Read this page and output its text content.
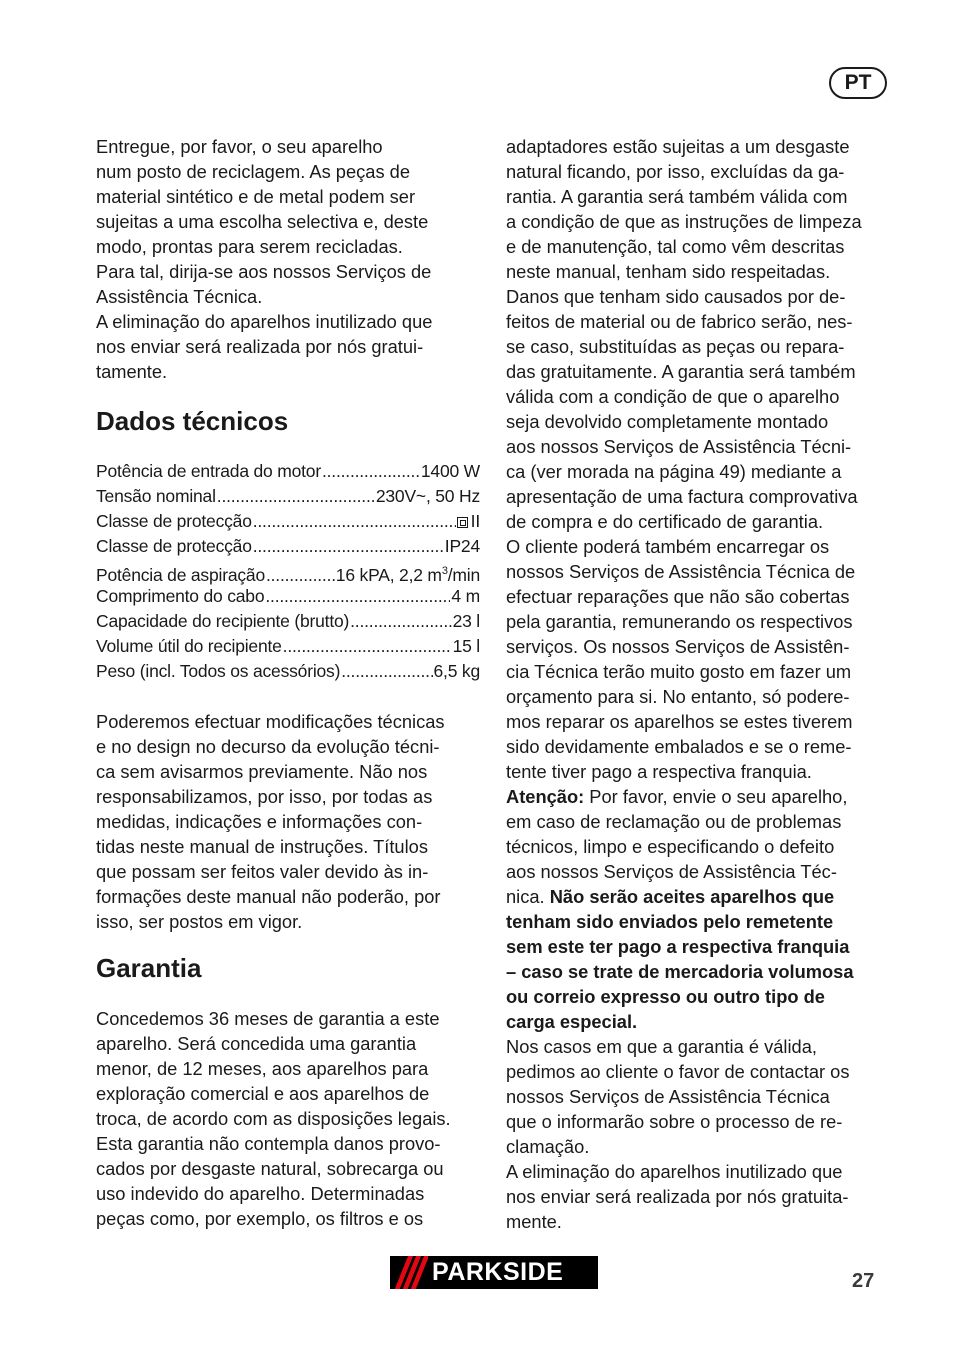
PT

Entregue, por favor, o seu aparelho
num posto de reciclagem. As peças de
material sintético e de metal podem ser
sujeitas a uma escolha selectiva e, deste
modo, prontas para serem recicladas.
Para tal, dirija-se aos nossos Serviços de
Assistência Técnica.
A eliminação do aparelhos inutilizado que
nos enviar será realizada por nós gratui-
tamente.

Dados técnicos
Potência de entrada do motor .....	1400 W
Tensão nominal .....	230V~, 50 Hz
Classe de protecção .....	II
Classe de protecção .....	IP24
Potência de aspiração .....	16 kPA, 2,2 $m^3/\min$
Comprimento do cabo .....	4 m
Capacidade do recipiente (brutto) .....	23 l
Volume útil do recipiente .....	15 l
Peso (incl. Todos os acessórios) .....	6,5 kg

Poderemos efectuar modificações técnicas
e no design no decurso da evolução técni-
ca sem avisarmos previamente. Não nos
responsabilizamos, por isso, por todas as
medidas, indicações e informações con-
tidas neste manual de instruções. Títulos
que possam ser feitos valer devido às in-
formações deste manual não poderão, por
isso, ser postos em vigor.

Garantia

Concedemos 36 meses de garantia a este
aparelho. Será concedida uma garantia
menor, de 12 meses, aos aparelhos para
exploração comercial e aos aparelhos de
troca, de acordo com as disposições legais.
Esta garantia não contempla danos provo-
cados por desgaste natural, sobrecarga ou
uso indevido do aparelho. Determinadas
peças como, por exemplo, os filtros e os

adaptadores estão sujeitas a um desgaste
natural ficando, por isso, excluídas da ga-
rantia. A garantia será também válida com
a condição de que as instruções de limpeza
e de manutenção, tal como vêm descritas
neste manual, tenham sido respeitadas.
Danos que tenham sido causados por de-
feitos de material ou de fabrico serão, nes-
se caso, substituídas as peças ou repara-
das gratuitamente. A garantia será também
válida com a condição de que o aparelho
seja devolvido completamente montado
aos nossos Serviços de Assistência Técni-
ca (ver morada na página 49) mediante a
apresentação de uma factura comprovativa
de compra e do certificado de garantia.
O cliente poderá também encarregar os
nossos Serviços de Assistência Técnica de
efectuar reparações que não são cobertas
pela garantia, remunerando os respectivos
serviços. Os nossos Serviços de Assistên-
cia Técnica terão muito gosto em fazer um
orçamento para si. No entanto, só podere-
mos reparar os aparelhos se estes tiverem
sido devidamente embalados e se o reme-
tente tiver pago a respectiva franquia.

Atenção: Por favor, envie o seu aparelho,
em caso de reclamação ou de problemas
técnicos, limpo e especificando o defeito
aos nossos Serviços de Assistência Téc-
nica. Não serão aceites aparelhos que
tenham sido enviados pelo remetente
sem este ter pago a respectiva franquia
– caso se trate de mercadoria volumosa
ou correio expresso ou outro tipo de
carga especial.

Nos casos em que a garantia é válida,
pedimos ao cliente o favor de contactar os
nossos Serviços de Assistência Técnica
que o informarão sobre o processo de re-
clamação.
A eliminação do aparelhos inutilizado que
nos enviar será realizada por nós gratuita-
mente.

PARKSIDE	27
